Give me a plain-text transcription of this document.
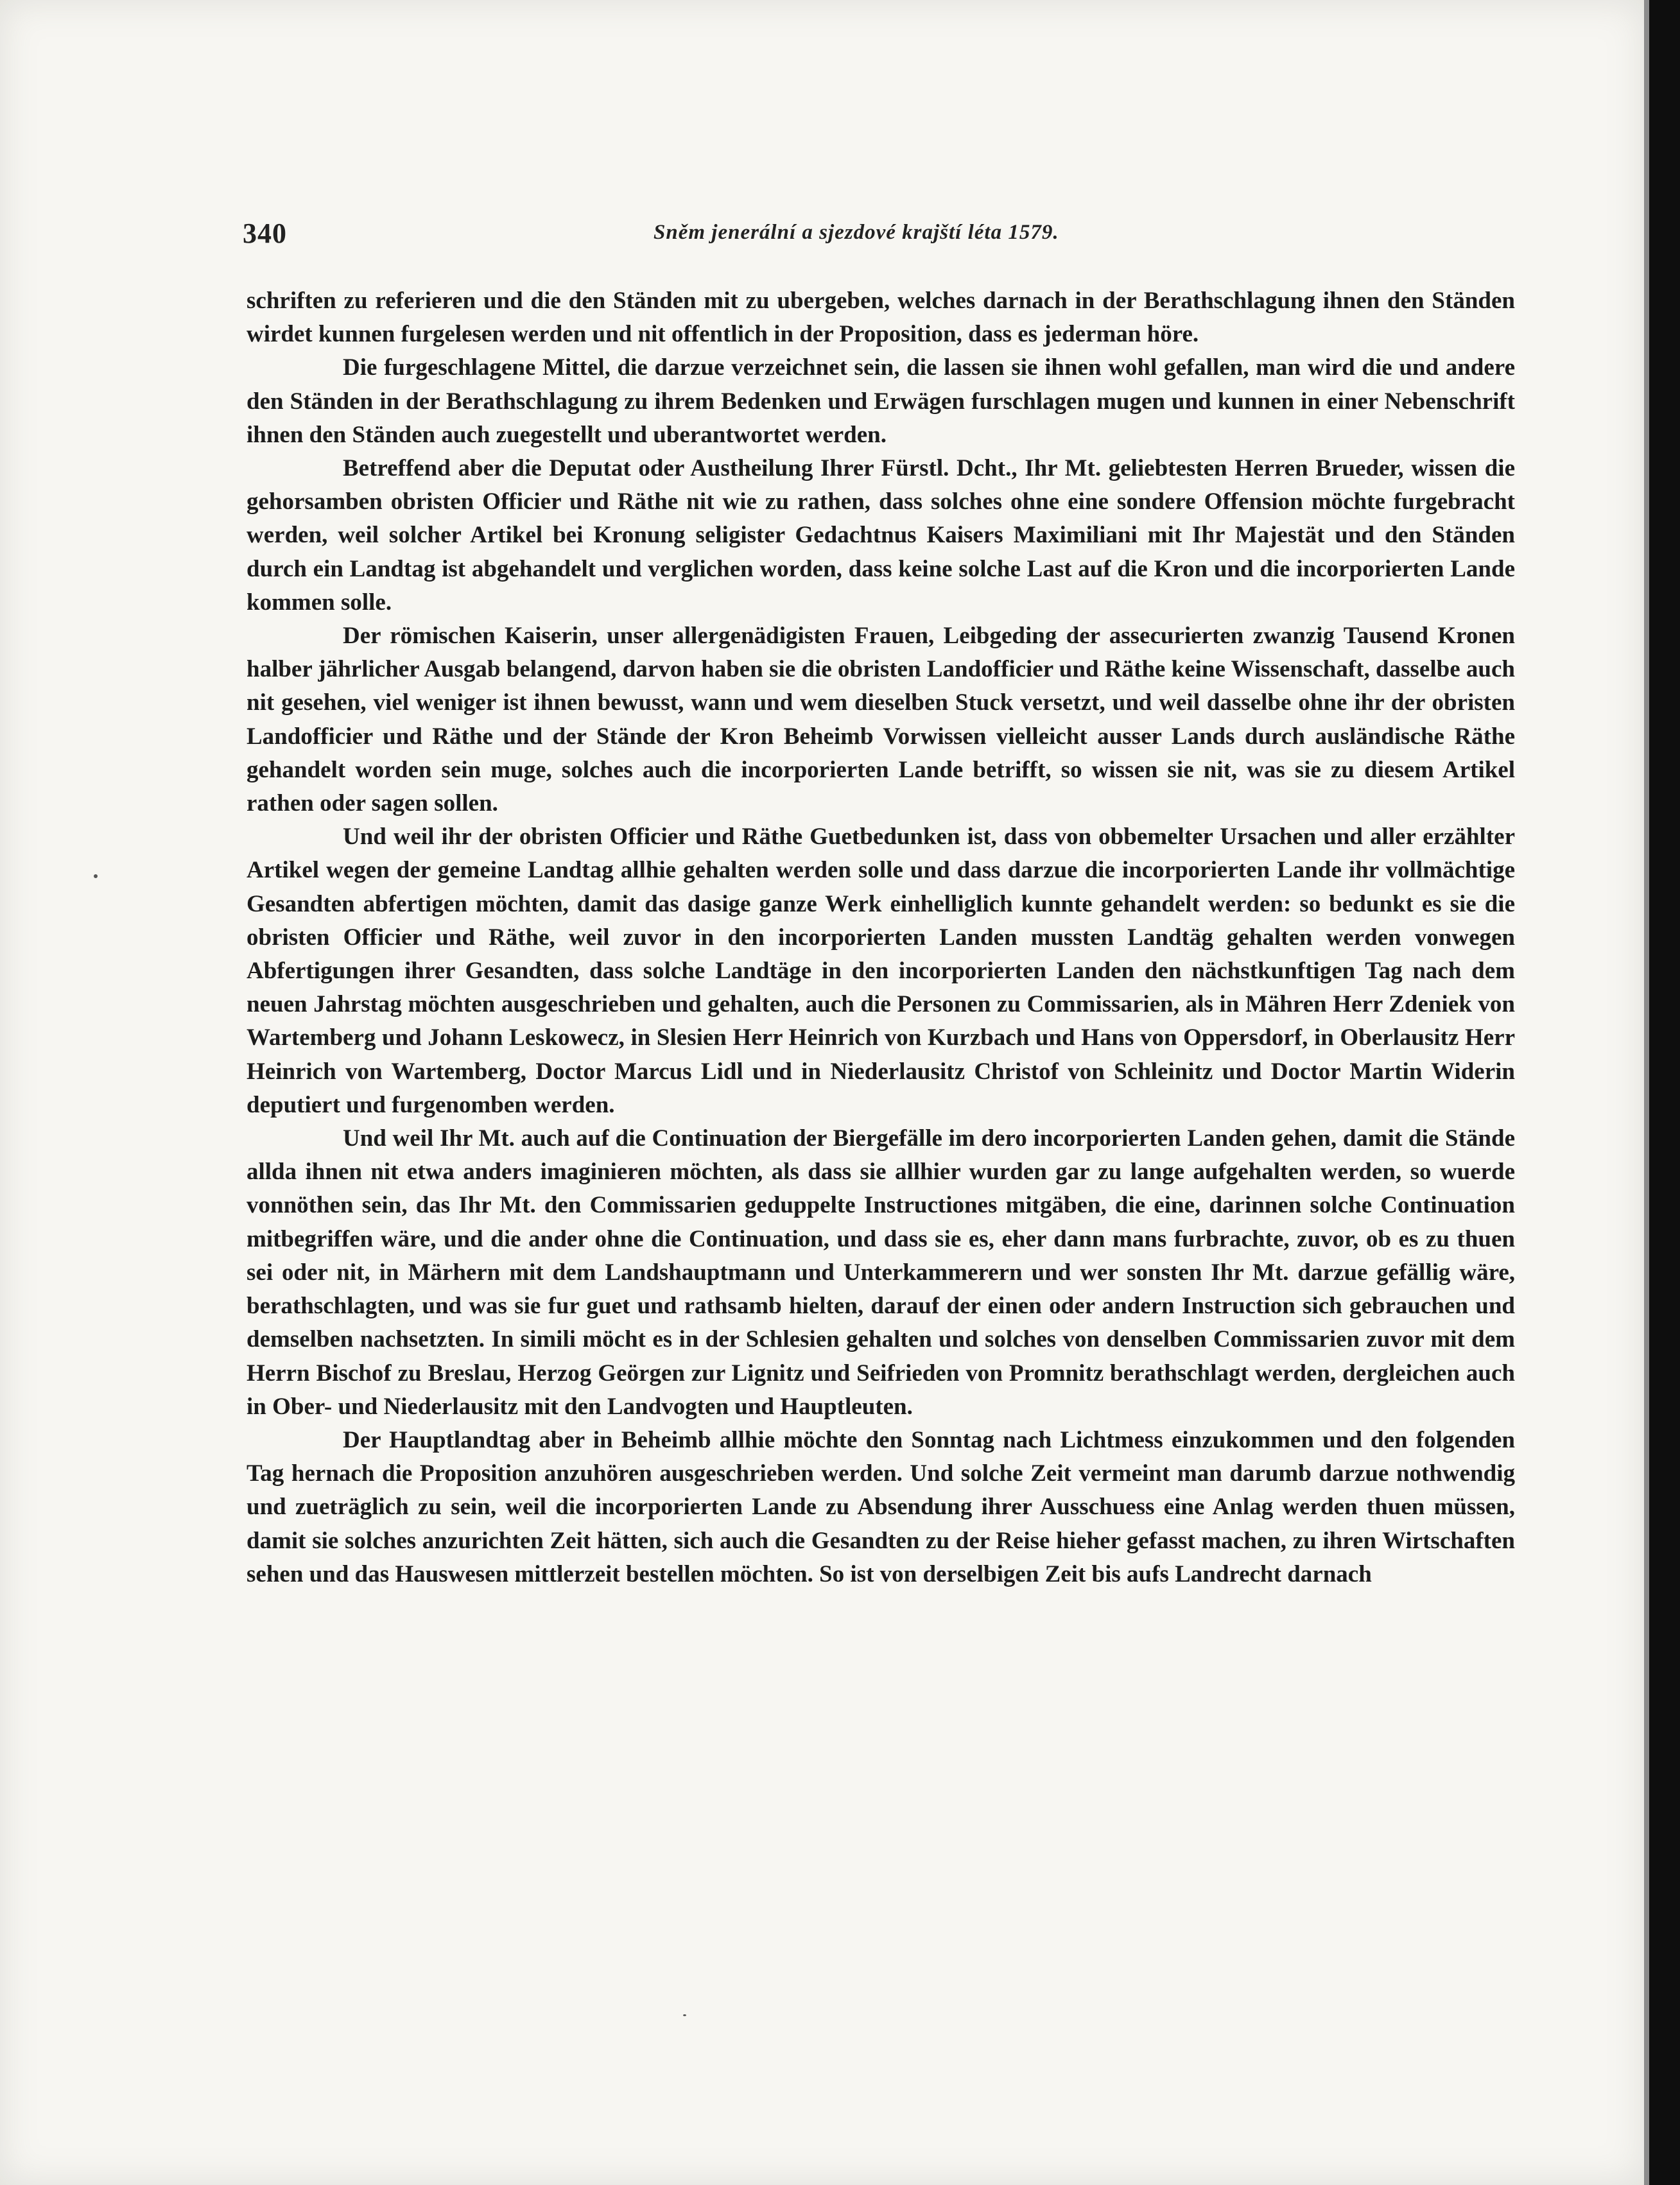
340	Sněm jenerální a sjezdové krajští léta 1579.

schriften zu referieren und die den Ständen mit zu ubergeben, welches darnach in der Berathschlagung ihnen den Ständen wirdet kunnen furgelesen werden und nit offentlich in der Proposition, dass es jederman höre.

Die furgeschlagene Mittel, die darzue verzeichnet sein, die lassen sie ihnen wohl gefallen, man wird die und andere den Ständen in der Berathschlagung zu ihrem Bedenken und Erwägen furschlagen mugen und kunnen in einer Nebenschrift ihnen den Ständen auch zuegestellt und uberantwortet werden.

Betreffend aber die Deputat oder Austheilung Ihrer Fürstl. Dcht., Ihr Mt. geliebtesten Herren Brueder, wissen die gehorsamben obristen Officier und Räthe nit wie zu rathen, dass solches ohne eine sondere Offension möchte furgebracht werden, weil solcher Artikel bei Kronung seligister Gedachtnus Kaisers Maximiliani mit Ihr Majestät und den Ständen durch ein Landtag ist abgehandelt und verglichen worden, dass keine solche Last auf die Kron und die incorporierten Lande kommen solle.

Der römischen Kaiserin, unser allergenädigisten Frauen, Leibgeding der assecurierten zwanzig Tausend Kronen halber jährlicher Ausgab belangend, darvon haben sie die obristen Landofficier und Räthe keine Wissenschaft, dasselbe auch nit gesehen, viel weniger ist ihnen bewusst, wann und wem dieselben Stuck versetzt, und weil dasselbe ohne ihr der obristen Landofficier und Räthe und der Stände der Kron Beheimb Vorwissen vielleicht ausser Lands durch ausländische Räthe gehandelt worden sein muge, solches auch die incorporierten Lande betrifft, so wissen sie nit, was sie zu diesem Artikel rathen oder sagen sollen.

Und weil ihr der obristen Officier und Räthe Guetbedunken ist, dass von obbemelter Ursachen und aller erzählter Artikel wegen der gemeine Landtag allhie gehalten werden solle und dass darzue die incorporierten Lande ihr vollmächtige Gesandten abfertigen möchten, damit das dasige ganze Werk einhelliglich kunnte gehandelt werden: so bedunkt es sie die obristen Officier und Räthe, weil zuvor in den incorporierten Landen mussten Landtäg gehalten werden vonwegen Abfertigungen ihrer Gesandten, dass solche Landtäge in den incorporierten Landen den nächstkunftigen Tag nach dem neuen Jahrstag möchten ausgeschrieben und gehalten, auch die Personen zu Commissarien, als in Mähren Herr Zdeniek von Wartemberg und Johann Leskowecz, in Slesien Herr Heinrich von Kurzbach und Hans von Oppersdorf, in Oberlausitz Herr Heinrich von Wartemberg, Doctor Marcus Lidl und in Niederlausitz Christof von Schleinitz und Doctor Martin Widerin deputiert und furgenomben werden.

Und weil Ihr Mt. auch auf die Continuation der Biergefälle im dero incorporierten Landen gehen, damit die Stände allda ihnen nit etwa anders imaginieren möchten, als dass sie allhier wurden gar zu lange aufgehalten werden, so wuerde vonnöthen sein, das Ihr Mt. den Commissarien geduppelte Instructiones mitgäben, die eine, darinnen solche Continuation mitbegriffen wäre, und die ander ohne die Continuation, und dass sie es, eher dann mans furbrachte, zuvor, ob es zu thuen sei oder nit, in Märhern mit dem Landshauptmann und Unterkammerern und wer sonsten Ihr Mt. darzue gefällig wäre, berathschlagten, und was sie fur guet und rathsamb hielten, darauf der einen oder andern Instruction sich gebrauchen und demselben nachsetzten. In simili möcht es in der Schlesien gehalten und solches von denselben Commissarien zuvor mit dem Herrn Bischof zu Breslau, Herzog Geörgen zur Lignitz und Seifrieden von Promnitz berathschlagt werden, dergleichen auch in Ober- und Niederlausitz mit den Landvogten und Hauptleuten.

Der Hauptlandtag aber in Beheimb allhie möchte den Sonntag nach Lichtmess einzukommen und den folgenden Tag hernach die Proposition anzuhören ausgeschrieben werden. Und solche Zeit vermeint man darumb darzue nothwendig und zueträglich zu sein, weil die incorporierten Lande zu Absendung ihrer Ausschuess eine Anlag werden thuen müssen, damit sie solches anzurichten Zeit hätten, sich auch die Gesandten zu der Reise hieher gefasst machen, zu ihren Wirtschaften sehen und das Hauswesen mittlerzeit bestellen möchten. So ist von derselbigen Zeit bis aufs Landrecht darnach
